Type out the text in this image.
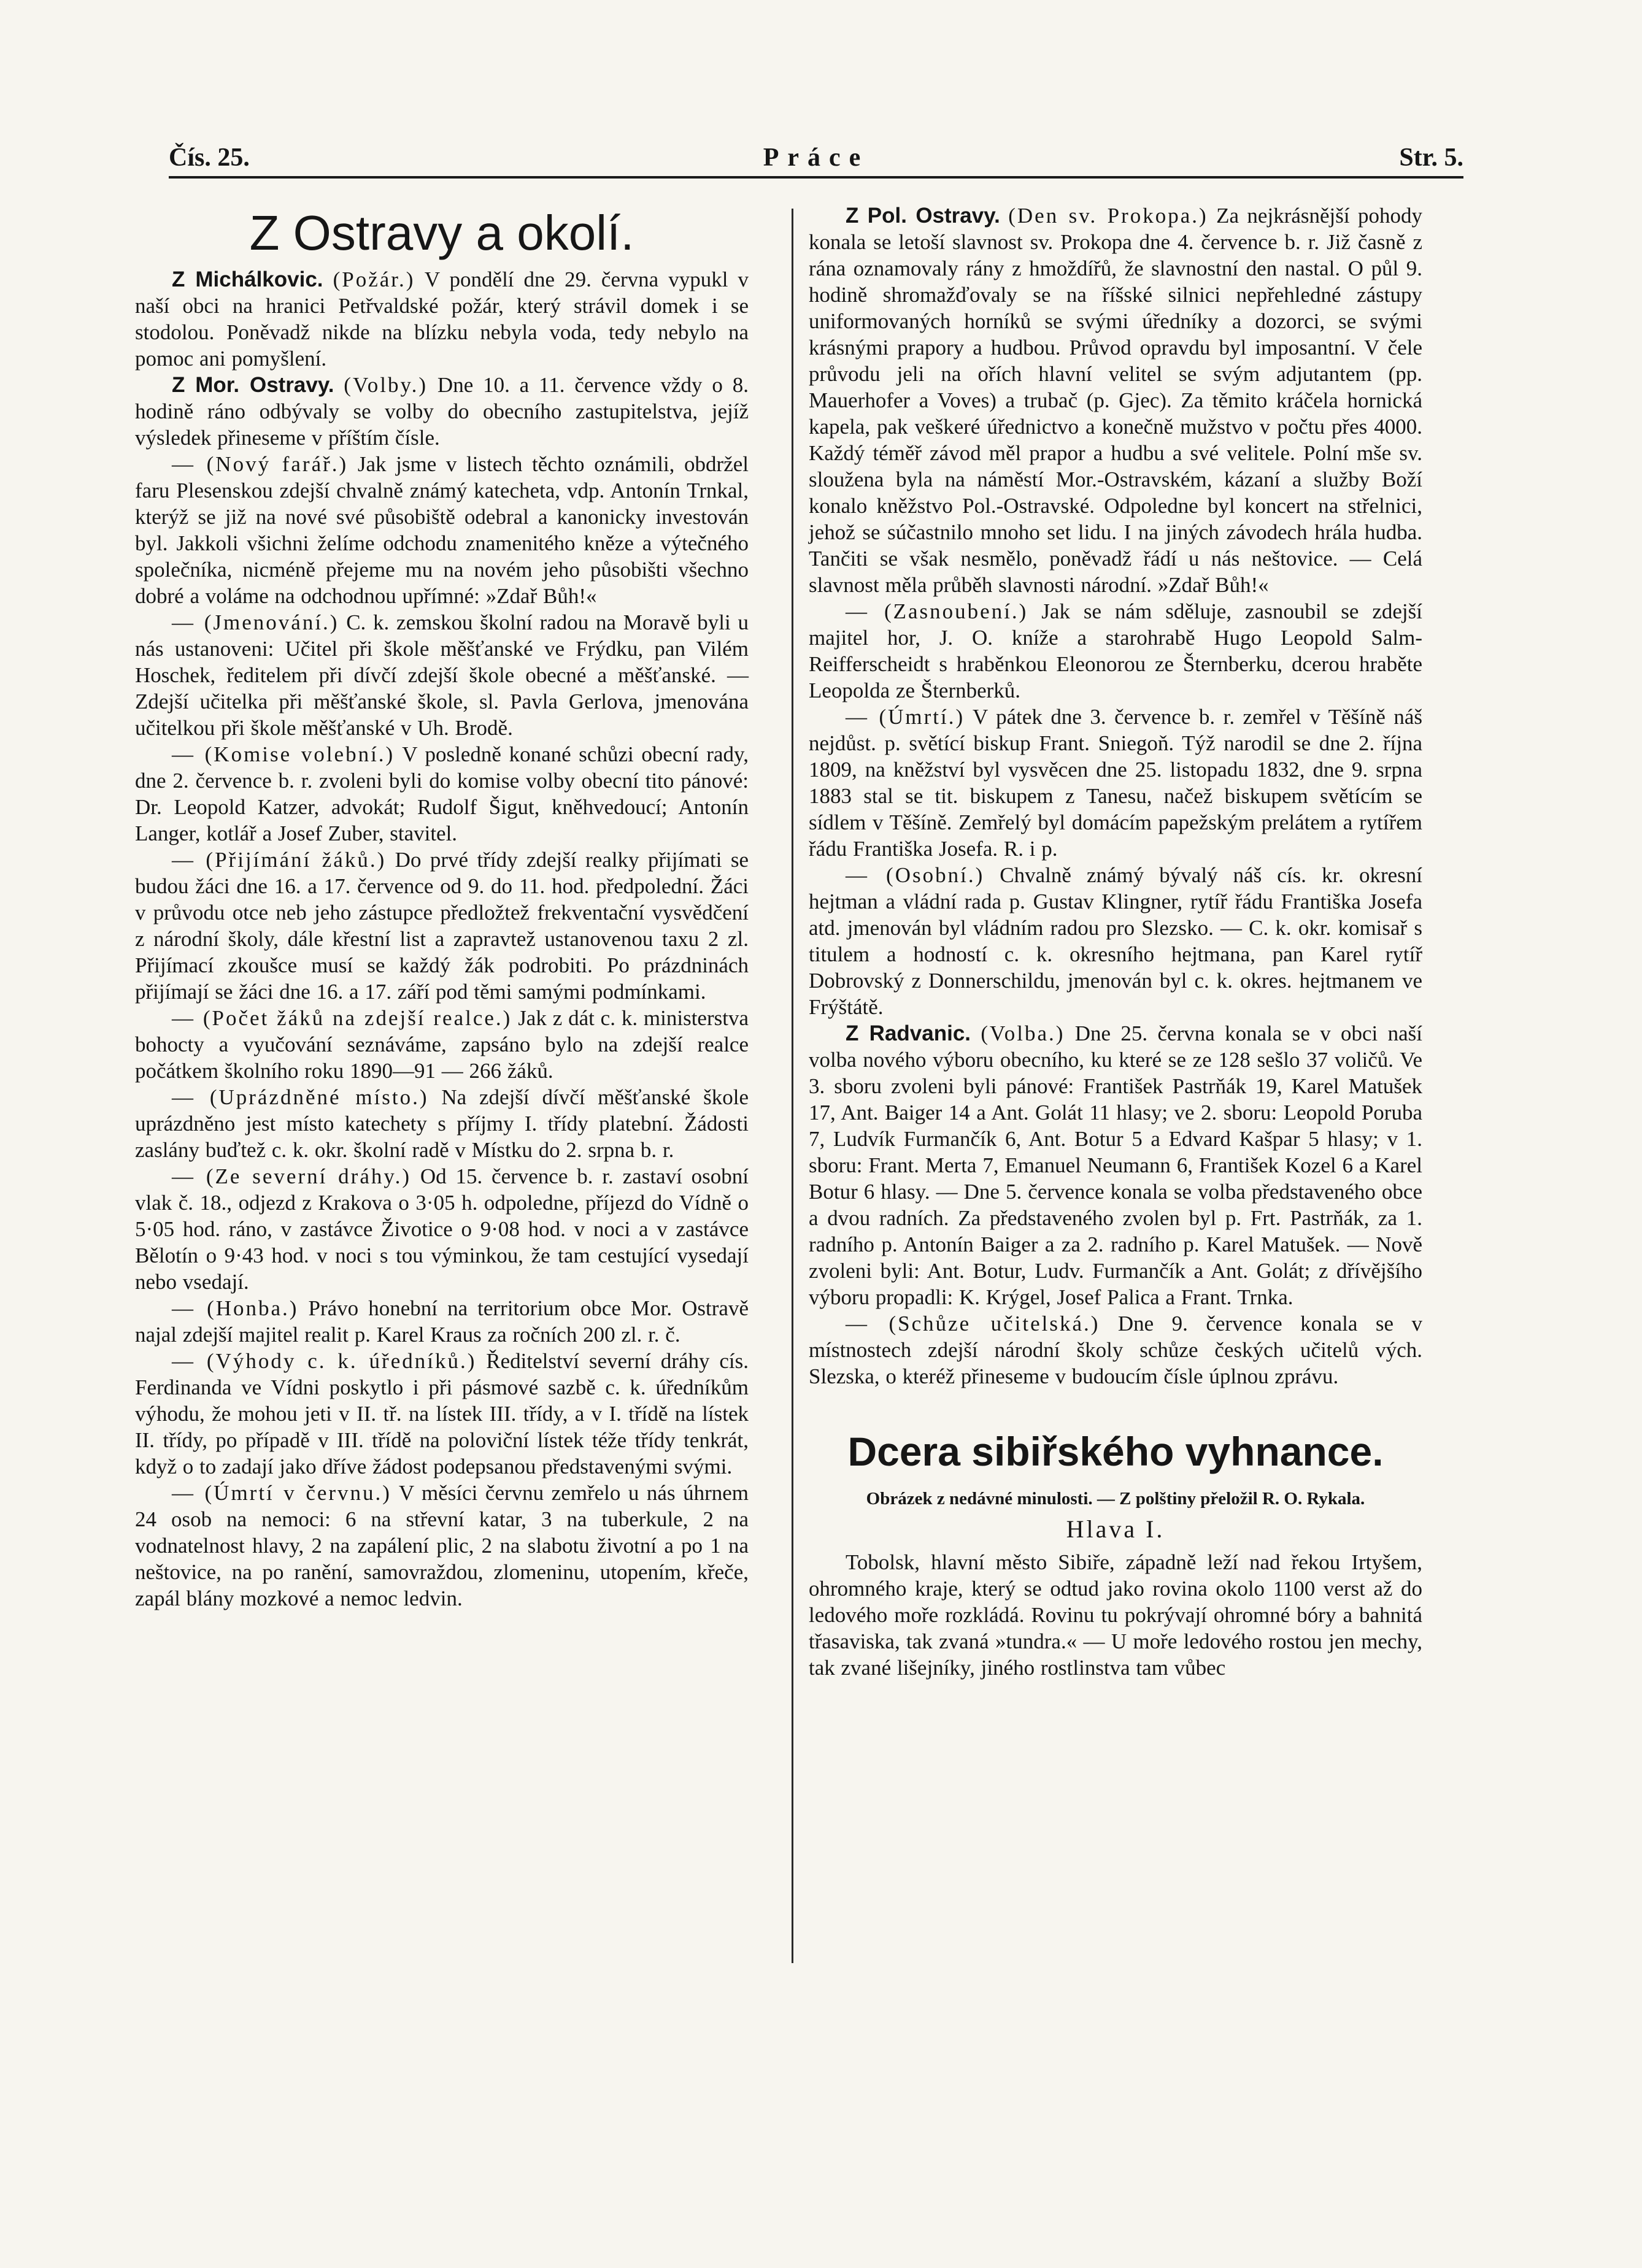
Čís. 25.	Práce	Str. 5.
Z Ostravy a okolí.

Z Michálkovic. (Požár.) V pondělí dne 29. června vypukl v naší obci na hranici Petřvaldské požár, který strávil domek i se stodolou. Poněvadž nikde na blízku nebyla voda, tedy nebylo na pomoc ani pomyšlení.

Z Mor. Ostravy. (Volby.) Dne 10. a 11. července vždy o 8. hodině ráno odbývaly se volby do obecního zastupitelstva, jejíž výsledek přineseme v příštím čísle.

— (Nový farář.) Jak jsme v listech těchto oznámili, obdržel faru Plesenskou zdejší chvalně známý katecheta, vdp. Antonín Trnkal, kterýž se již na nové své působiště odebral a kanonicky investován byl. Jakkoli všichni želíme odchodu znamenitého kněze a výtečného společníka, nicméně přejeme mu na novém jeho působišti všechno dobré a voláme na odchodnou upřímné: »Zdař Bůh!«

— (Jmenování.) C. k. zemskou školní radou na Moravě byli u nás ustanoveni: Učitel při škole měšťanské ve Frýdku, pan Vilém Hoschek, ředitelem při dívčí zdejší škole obecné a měšťanské. — Zdejší učitelka při měšťanské škole, sl. Pavla Gerlova, jmenována učitelkou při škole měšťanské v Uh. Brodě.

— (Komise volební.) V posledně konané schůzi obecní rady, dne 2. července b. r. zvoleni byli do komise volby obecní tito pánové: Dr. Leopold Katzer, advokát; Rudolf Šigut, kněhvedoucí; Antonín Langer, kotlář a Josef Zuber, stavitel.

— (Přijímání žáků.) Do prvé třídy zdejší realky přijímati se budou žáci dne 16. a 17. července od 9. do 11. hod. předpolední. Žáci v průvodu otce neb jeho zástupce předložtež frekventační vysvědčení z národní školy, dále křestní list a zapravtež ustanovenou taxu 2 zl. Přijímací zkoušce musí se každý žák podrobiti. Po prázdninách přijímají se žáci dne 16. a 17. září pod těmi samými podmínkami.

— (Počet žáků na zdejší realce.) Jak z dát c. k. ministerstva bohocty a vyučování seznáváme, zapsáno bylo na zdejší realce počátkem školního roku 1890—91 — 266 žáků.

— (Uprázdněné místo.) Na zdejší dívčí měšťanské škole uprázdněno jest místo katechety s příjmy I. třídy platební. Žádosti zaslány buďtež c. k. okr. školní radě v Místku do 2. srpna b. r.

— (Ze severní dráhy.) Od 15. července b. r. zastaví osobní vlak č. 18., odjezd z Krakova o 3·05 h. odpoledne, příjezd do Vídně o 5·05 hod. ráno, v zastávce Životice o 9·08 hod. v noci a v zastávce Bělotín o 9·43 hod. v noci s tou výminkou, že tam cestující vysedají nebo vsedají.

— (Honba.) Právo honební na territorium obce Mor. Ostravě najal zdejší majitel realit p. Karel Kraus za ročních 200 zl. r. č.

— (Výhody c. k. úředníků.) Ředitelství severní dráhy cís. Ferdinanda ve Vídni poskytlo i při pásmové sazbě c. k. úředníkům výhodu, že mohou jeti v II. tř. na lístek III. třídy, a v I. třídě na lístek II. třídy, po případě v III. třídě na poloviční lístek téže třídy tenkrát, když o to zadají jako dříve žádost podepsanou představenými svými.

— (Úmrtí v červnu.) V měsíci červnu zemřelo u nás úhrnem 24 osob na nemoci: 6 na střevní katar, 3 na tuberkule, 2 na vodnatelnost hlavy, 2 na zapálení plic, 2 na slabotu životní a po 1 na neštovice, na po ranění, samovraždou, zlomeninu, utopením, křeče, zapál blány mozkové a nemoc ledvin.

Z Pol. Ostravy. (Den sv. Prokopa.) Za nejkrásnější pohody konala se letoší slavnost sv. Prokopa dne 4. července b. r. Již časně z rána oznamovaly rány z hmoždířů, že slavnostní den nastal. O půl 9. hodině shromažďovaly se na říšské silnici nepřehledné zástupy uniformovaných horníků se svými úředníky a dozorci, se svými krásnými prapory a hudbou. Průvod opravdu byl imposantní. V čele průvodu jeli na ořích hlavní velitel se svým adjutantem (pp. Mauerhofer a Voves) a trubač (p. Gjec). Za těmito kráčela hornická kapela, pak veškeré úřednictvo a konečně mužstvo v počtu přes 4000. Každý téměř závod měl prapor a hudbu a své velitele. Polní mše sv. sloužena byla na náměstí Mor.-Ostravském, kázaní a služby Boží konalo kněžstvo Pol.-Ostravské. Odpoledne byl koncert na střelnici, jehož se súčastnilo mnoho set lidu. I na jiných závodech hrála hudba. Tančiti se však nesmělo, poněvadž řádí u nás neštovice. — Celá slavnost měla průběh slavnosti národní. »Zdař Bůh!«

— (Zasnoubení.) Jak se nám sděluje, zasnoubil se zdejší majitel hor, J. O. kníže a starohrabě Hugo Leopold Salm-Reifferscheidt s hraběnkou Eleonorou ze Šternberku, dcerou hraběte Leopolda ze Šternberků.

— (Úmrtí.) V pátek dne 3. července b. r. zemřel v Těšíně náš nejdůst. p. světící biskup Frant. Sniegoň. Týž narodil se dne 2. října 1809, na kněžství byl vysvěcen dne 25. listopadu 1832, dne 9. srpna 1883 stal se tit. biskupem z Tanesu, načež biskupem světícím se sídlem v Těšíně. Zemřelý byl domácím papežským prelátem a rytířem řádu Františka Josefa. R. i p.

— (Osobní.) Chvalně známý bývalý náš cís. kr. okresní hejtman a vládní rada p. Gustav Klingner, rytíř řádu Františka Josefa atd. jmenován byl vládním radou pro Slezsko. — C. k. okr. komisař s titulem a hodností c. k. okresního hejtmana, pan Karel rytíř Dobrovský z Donnerschildu, jmenován byl c. k. okres. hejtmanem ve Frýštátě.

Z Radvanic. (Volba.) Dne 25. června konala se v obci naší volba nového výboru obecního, ku které se ze 128 sešlo 37 voličů. Ve 3. sboru zvoleni byli pánové: František Pastrňák 19, Karel Matušek 17, Ant. Baiger 14 a Ant. Golát 11 hlasy; ve 2. sboru: Leopold Poruba 7, Ludvík Furmančík 6, Ant. Botur 5 a Edvard Kašpar 5 hlasy; v 1. sboru: Frant. Merta 7, Emanuel Neumann 6, František Kozel 6 a Karel Botur 6 hlasy. — Dne 5. července konala se volba představeného obce a dvou radních. Za představeného zvolen byl p. Frt. Pastrňák, za 1. radního p. Antonín Baiger a za 2. radního p. Karel Matušek. — Nově zvoleni byli: Ant. Botur, Ludv. Furmančík a Ant. Golát; z dřívějšího výboru propadli: K. Krýgel, Josef Palica a Frant. Trnka.

— (Schůze učitelská.) Dne 9. července konala se v místnostech zdejší národní školy schůze českých učitelů vých. Slezska, o kteréž přineseme v budoucím čísle úplnou zprávu.

Dcera sibiřského vyhnance.

Obrázek z nedávné minulosti. — Z polštiny přeložil R. O. Rykala.

Hlava I.

Tobolsk, hlavní město Sibiře, západně leží nad řekou Irtyšem, ohromného kraje, který se odtud jako rovina okolo 1100 verst až do ledového moře rozkládá. Rovinu tu pokrývají ohromné bóry a bahnitá třasaviska, tak zvaná »tundra.« — U moře ledového rostou jen mechy, tak zvané lišejníky, jiného rostlinstva tam vůbec
